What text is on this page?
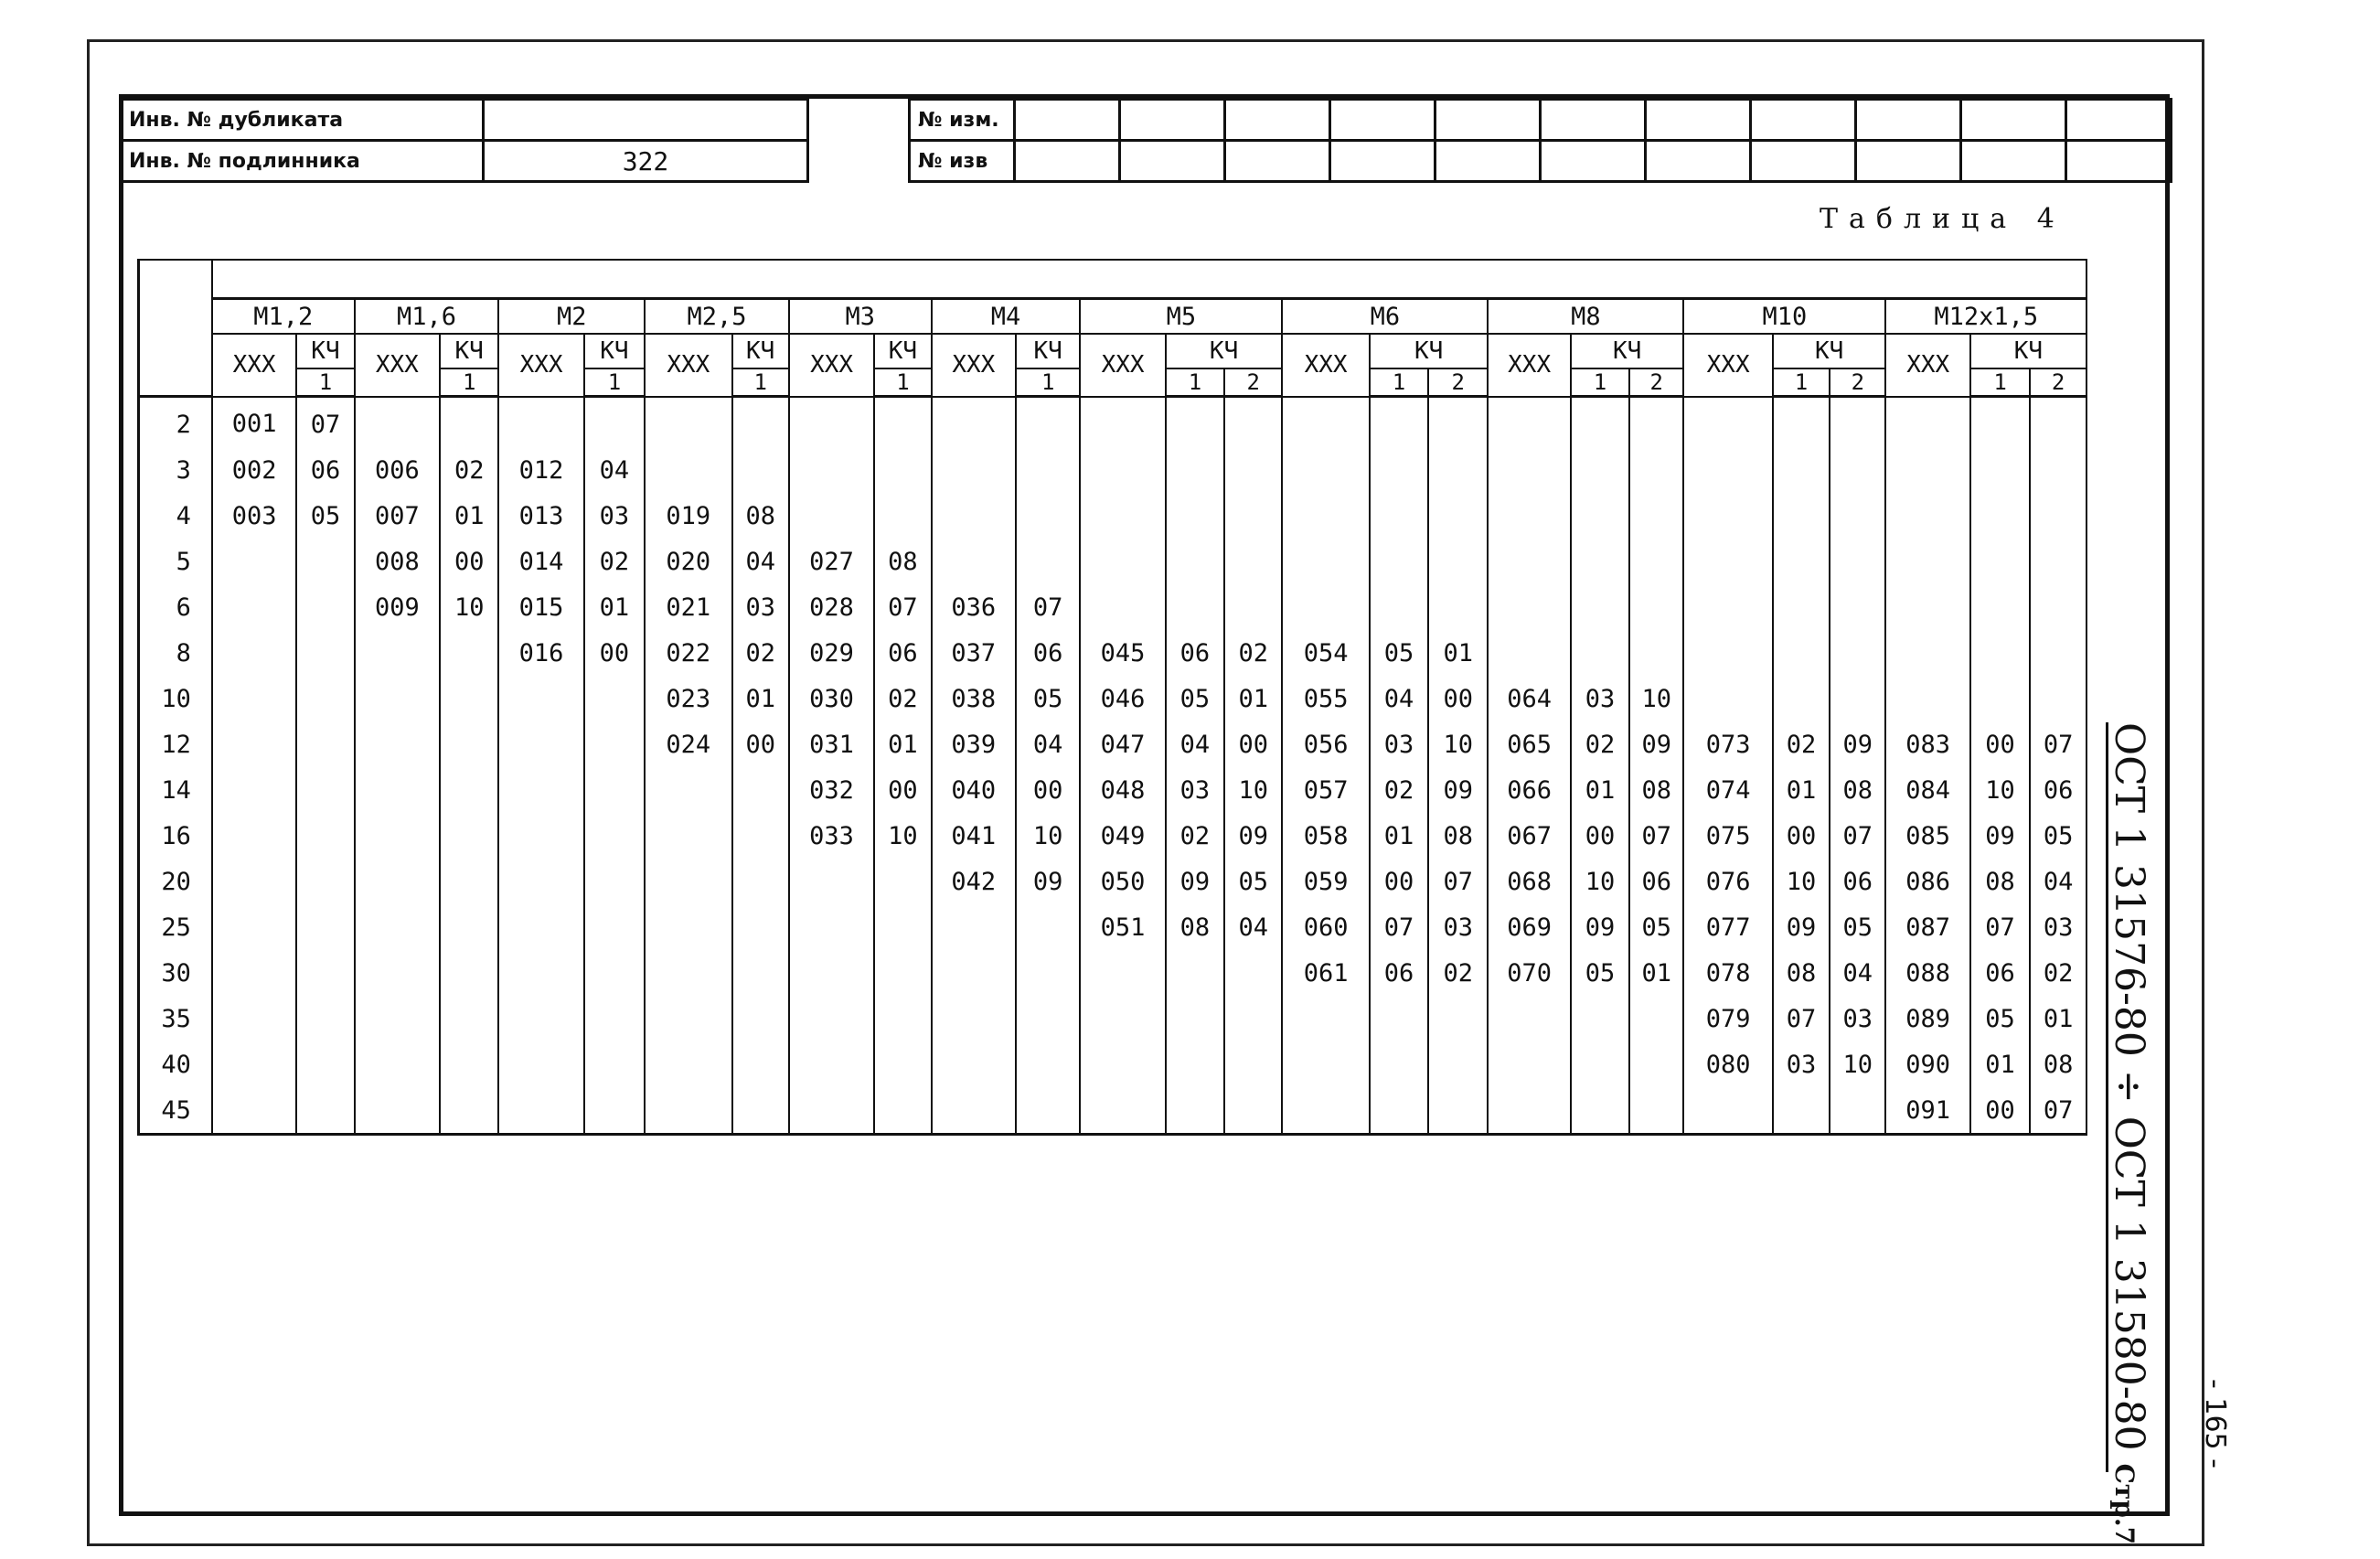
Инв. № дубликата	
Инв. № подлинника	322
№ изм.											
№ изв											
Таблица 4

	M1,2		M1,6		M2		M2,5		M3		M4		M5			M6			M8			M10			M12x1,5		
	XXX	КЧ	XXX	КЧ	XXX	КЧ	XXX	КЧ	XXX	КЧ	XXX	КЧ	XXX	КЧ		XXX	КЧ		XXX	КЧ		XXX	КЧ		XXX	КЧ	
		1		1		1		1		1		1		1	2		1	2		1	2		1	2		1	2
2	001	07																									
3	002	06	006	02	012	04																					
4	003	05	007	01	013	03	019	08																			
5			008	00	014	02	020	04	027	08																	
6			009	10	015	01	021	03	028	07	036	07															
8					016	00	022	02	029	06	037	06	045	06	02	054	05	01									
10							023	01	030	02	038	05	046	05	01	055	04	00	064	03	10						
12							024	00	031	01	039	04	047	04	00	056	03	10	065	02	09	073	02	09	083	00	07
14									032	00	040	00	048	03	10	057	02	09	066	01	08	074	01	08	084	10	06
16									033	10	041	10	049	02	09	058	01	08	067	00	07	075	00	07	085	09	05
20											042	09	050	09	05	059	00	07	068	10	06	076	10	06	086	08	04
25													051	08	04	060	07	03	069	09	05	077	09	05	087	07	03
30																061	06	02	070	05	01	078	08	04	088	06	02
35																						079	07	03	089	05	01
40																						080	03	10	090	01	08
45																									091	00	07 ОСТ 1 31576-80 ÷ ОСТ 1 31580-80 Стр.7
- 165 -
